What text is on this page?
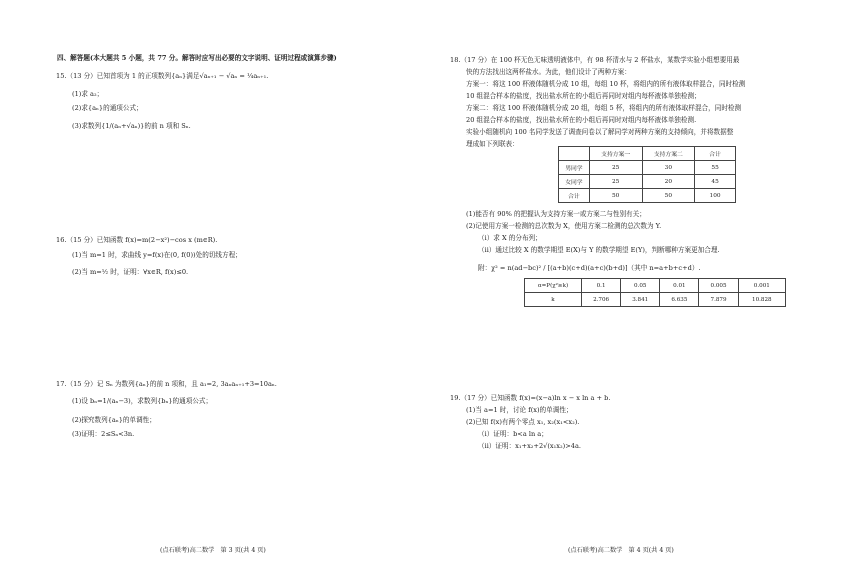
四、解答题(本大题共 5 小题，共 77 分。解答时应写出必要的文字说明、证明过程或演算步骤)
15.（13 分）已知首项为 1 的正项数列{aₙ}满足√aₙ₊₁ − √aₙ = ¼aₙ₊₁.
(1)求 a₂；
(2)求{aₙ}的通项公式；
(3)求数列{1/(aₙ+√aₙ)}的前 n 项和 Sₙ.
16.（15 分）已知函数 f(x)=m(2−x²)−cos x (m∈R).
(1)当 m=1 时，求曲线 y=f(x)在(0, f(0))处的切线方程；
(2)当 m=½ 时，证明：∀x∈R, f(x)≤0.
17.（15 分）记 Sₙ 为数列{aₙ}的前 n 项和，且 a₁=2, 3aₙaₙ₊₁+3=10aₙ.
(1)设 bₙ=1/(aₙ−3)，求数列{bₙ}的通项公式；
(2)探究数列{aₙ}的单调性；
(3)证明：2≤Sₙ<3n.
(点石联考)高二数学　第 3 页(共 4 页)
18.（17 分）在 100 杯无色无味透明液体中，有 98 杯清水与 2 杯盐水，某数学实验小组想要用最
快的方法找出这两杯盐水。为此，他们设计了两种方案：
方案一：将这 100 杯液体随机分成 10 组，每组 10 杯，将组内的所有液体取样混合，同时检测
10 组混合样本的盐度，找出盐水所在的小组后再同时对组内每杯液体单独检测；
方案二：将这 100 杯液体随机分成 20 组，每组 5 杯，将组内的所有液体取样混合，同时检测
20 组混合样本的盐度，找出盐水所在的小组后再同时对组内每杯液体单独检测.
实验小组随机向 100 名同学发送了调查问卷以了解同学对两种方案的支持倾向，并将数据整
理成如下列联表：
	支持方案一	支持方案二	合计
男同学	25	30	55
女同学	25	20	45
合计	50	50	100
(1)能否有 90% 的把握认为支持方案一或方案二与性别有关；
(2)记使用方案一检测的总次数为 X，使用方案二检测的总次数为 Y.
（ⅰ）求 X 的分布列；
（ⅱ）通过比较 X 的数学期望 E(X)与 Y 的数学期望 E(Y)，判断哪种方案更加合理.
附：χ² = n(ad−bc)² / [(a+b)(c+d)(a+c)(b+d)]（其中 n=a+b+c+d）.
α=P(χ²≥k)	0.1	0.05	0.01	0.005	0.001
k	2.706	3.841	6.635	7.879	10.828
19.（17 分）已知函数 f(x)=(x−a)ln x − x ln a + b.
(1)当 a=1 时，讨论 f(x)的单调性；
(2)已知 f(x)有两个零点 x₁, x₂(x₁<x₂).
（ⅰ）证明：b<a ln a；
（ⅱ）证明：x₁+x₂+2√(x₁x₂)>4a.
(点石联考)高二数学　第 4 页(共 4 页)
